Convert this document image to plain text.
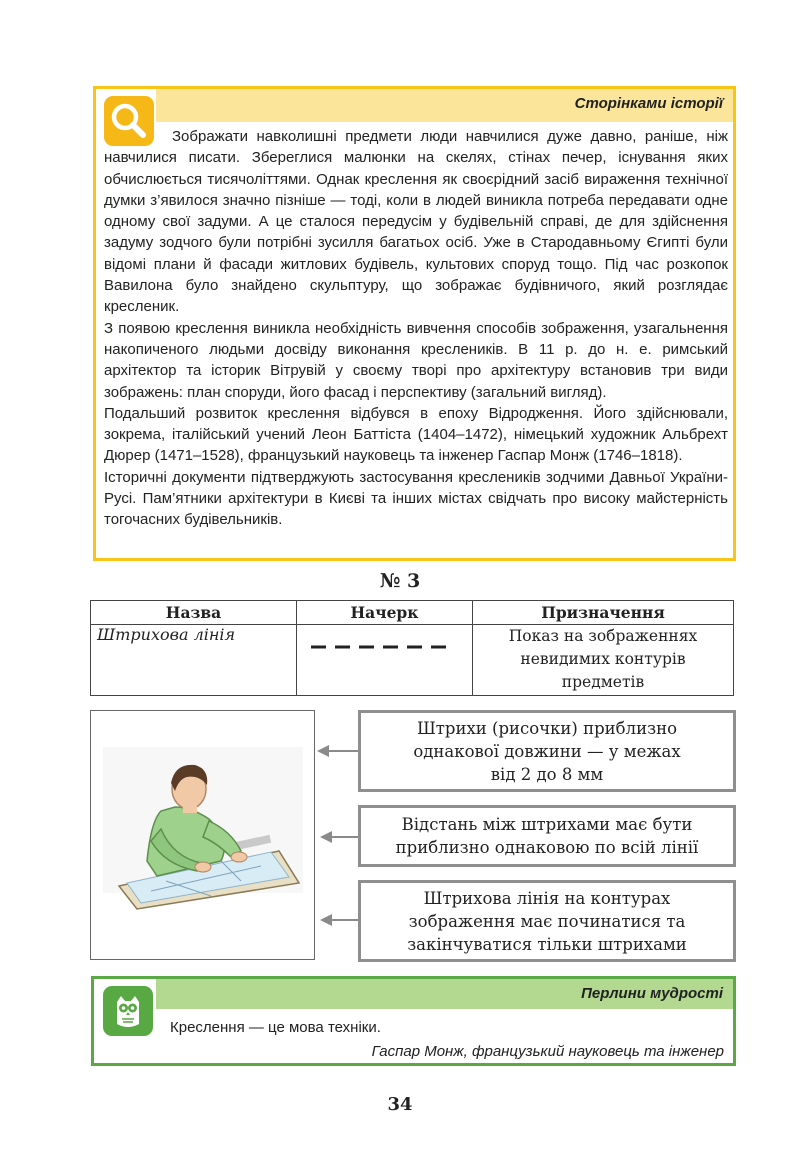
Сторінками історії

Зображати навколишні предмети люди навчилися дуже давно, раніше, ніж навчилися писати. Збереглися малюнки на скелях, стінах печер, існування яких обчислюється тисячоліттями. Однак креслення як своєрідний засіб вираження технічної думки з’явилося значно пізніше — тоді, коли в людей виникла потреба передавати одне одному свої задуми. А це сталося передусім у будівельній справі, де для здійснення задуму зодчого були потрібні зусилля багатьох осіб. Уже в Стародавньому Єгипті були відомі плани й фасади житлових будівель, культових споруд тощо. Під час розкопок Вавилона було знайдено скульптуру, що зображає будівничого, який розглядає кресленик.

З появою креслення виникла необхідність вивчення способів зображення, узагальнення накопиченого людьми досвіду виконання креслеників. В 11 р. до н. е. римський архітектор та історик Вітрувій у своєму творі про архітектуру встановив три види зображень: план споруди, його фасад і перспективу (загальний вигляд).

Подальший розвиток креслення відбувся в епоху Відродження. Його здійснювали, зокрема, італійський учений Леон Баттіста (1404–1472), німецький художник Альбрехт Дюрер (1471–1528), французький науковець та інженер Гаспар Монж (1746–1818).

Історичні документи підтверджують застосування креслеників зодчими Давньої України-Русі. Пам’ятники архітектури в Києві та інших містах свідчать про високу майстерність тогочасних будівельників.

№ 3
Назва	Начерк	Призначення
Штрихова лінія		Показ на зображеннях
невидимих контурів
предметів
Штрихи (рисочки) приблизно
однакової довжини — у межах
від 2 до 8 мм
Відстань між штрихами має бути
приблизно однаковою по всій лінії
Штрихова лінія на контурах
зображення має починатися та
закінчуватися тільки штрихами
Перлини мудрості
Креслення — це мова техніки.
Гаспар Монж, французький науковець та інженер
34
